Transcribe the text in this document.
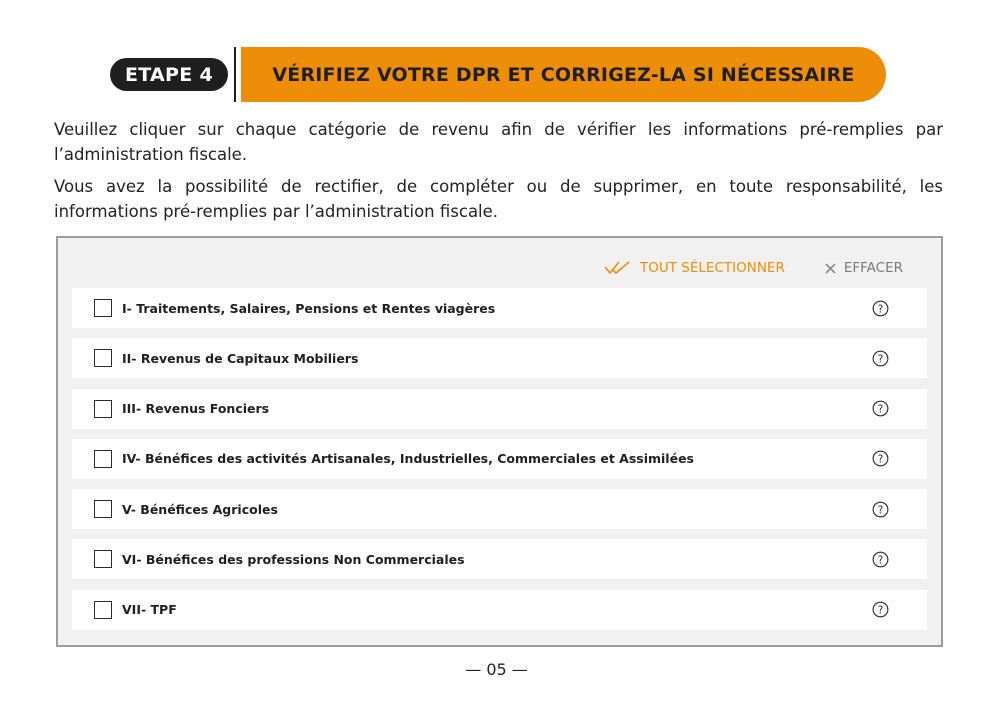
ETAPE 4	VÉRIFIEZ VOTRE DPR ET CORRIGEZ-LA SI NÉCESSAIRE

Veuillez cliquer sur chaque catégorie de revenu afin de vérifier les informations pré-remplies par l’administration fiscale.

Vous avez la possibilité de rectifier, de compléter ou de supprimer, en toute responsabilité, les informations pré-remplies par l’administration fiscale.

TOUT SÉLECTIONNER	EFFACER
I- Traitements, Salaires, Pensions et Rentes viagères	?
II- Revenus de Capitaux Mobiliers	?
III- Revenus Fonciers	?
IV- Bénéfices des activités Artisanales, Industrielles, Commerciales et Assimilées	?
V- Bénéfices Agricoles	?
VI- Bénéfices des professions Non Commerciales	?
VII- TPF	?
— 05 —
